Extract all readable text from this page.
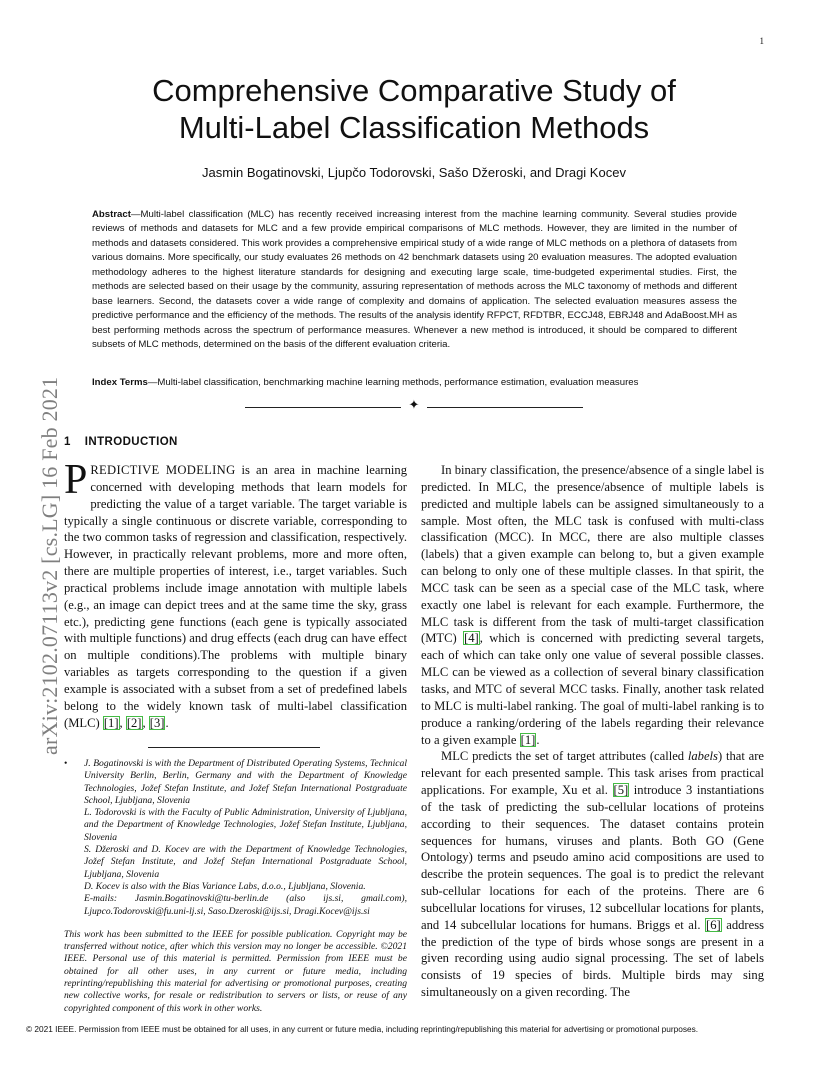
1
arXiv:2102.07113v2 [cs.LG] 16 Feb 2021
Comprehensive Comparative Study of
Multi-Label Classification Methods
Jasmin Bogatinovski, Ljupčo Todorovski, Sašo Džeroski, and Dragi Kocev
Abstract—Multi-label classification (MLC) has recently received increasing interest from the machine learning community. Several studies provide reviews of methods and datasets for MLC and a few provide empirical comparisons of MLC methods. However, they are limited in the number of methods and datasets considered. This work provides a comprehensive empirical study of a wide range of MLC methods on a plethora of datasets from various domains. More specifically, our study evaluates 26 methods on 42 benchmark datasets using 20 evaluation measures. The adopted evaluation methodology adheres to the highest literature standards for designing and executing large scale, time-budgeted experimental studies. First, the methods are selected based on their usage by the community, assuring representation of methods across the MLC taxonomy of methods and different base learners. Second, the datasets cover a wide range of complexity and domains of application. The selected evaluation measures assess the predictive performance and the efficiency of the methods. The results of the analysis identify RFPCT, RFDTBR, ECCJ48, EBRJ48 and AdaBoost.MH as best performing methods across the spectrum of performance measures. Whenever a new method is introduced, it should be compared to different subsets of MLC methods, determined on the basis of the different evaluation criteria.
Index Terms—Multi-label classification, benchmarking machine learning methods, performance estimation, evaluation measures
✦
1 INTRODUCTION

PREDICTIVE MODELING is an area in machine learning concerned with developing methods that learn models for predicting the value of a target variable. The target variable is typically a single continuous or discrete variable, corresponding to the two common tasks of regression and classification, respectively. However, in practically relevant problems, more and more often, there are multiple properties of interest, i.e., target variables. Such practical problems include image annotation with multiple labels (e.g., an image can depict trees and at the same time the sky, grass etc.), predicting gene functions (each gene is typically associated with multiple functions) and drug effects (each drug can have effect on multiple conditions).The problems with multiple binary variables as targets corresponding to the question if a given example is associated with a subset from a set of predefined labels belong to the widely known task of multi-label classification (MLC) [1], [2], [3].

• J. Bogatinovski is with the Department of Distributed Operating Systems, Technical University Berlin, Berlin, Germany and with the Department of Knowledge Technologies, Jožef Stefan Institute, and Jožef Stefan International Postgraduate School, Ljubljana, Slovenia

L. Todorovski is with the Faculty of Public Administration, University of Ljubljana, and the Department of Knowledge Technologies, Jožef Stefan Institute, Ljubljana, Slovenia

S. Džeroski and D. Kocev are with the Department of Knowledge Technologies, Jožef Stefan Institute, and Jožef Stefan International Postgraduate School, Ljubljana, Slovenia

D. Kocev is also with the Bias Variance Labs, d.o.o., Ljubljana, Slovenia.

E-mails: Jasmin.Bogatinovski@tu-berlin.de (also ijs.si, gmail.com), Ljupco.Todorovski@fu.uni-lj.si, Saso.Dzeroski@ijs.si, Dragi.Kocev@ijs.si

This work has been submitted to the IEEE for possible publication. Copyright may be transferred without notice, after which this version may no longer be accessible. ©2021 IEEE. Personal use of this material is permitted. Permission from IEEE must be obtained for all other uses, in any current or future media, including reprinting/republishing this material for advertising or promotional purposes, creating new collective works, for resale or redistribution to servers or lists, or reuse of any copyrighted component of this work in other works.

In binary classification, the presence/absence of a single label is predicted. In MLC, the presence/absence of multiple labels is predicted and multiple labels can be assigned simultaneously to a sample. Most often, the MLC task is confused with multi-class classification (MCC). In MCC, there are also multiple classes (labels) that a given example can belong to, but a given example can belong to only one of these multiple classes. In that spirit, the MCC task can be seen as a special case of the MLC task, where exactly one label is relevant for each example. Furthermore, the MLC task is different from the task of multi-target classification (MTC) [4], which is concerned with predicting several targets, each of which can take only one value of several possible classes. MLC can be viewed as a collection of several binary classification tasks, and MTC of several MCC tasks. Finally, another task related to MLC is multi-label ranking. The goal of multi-label ranking is to produce a ranking/ordering of the labels regarding their relevance to a given example [1].

MLC predicts the set of target attributes (called labels) that are relevant for each presented sample. This task arises from practical applications. For example, Xu et al. [5] introduce 3 instantiations of the task of predicting the sub-cellular locations of proteins according to their sequences. The dataset contains protein sequences for humans, viruses and plants. Both GO (Gene Ontology) terms and pseudo amino acid compositions are used to describe the protein sequences. The goal is to predict the relevant sub-cellular locations for each of the proteins. There are 6 subcellular locations for viruses, 12 subcellular locations for plants, and 14 subcellular locations for humans. Briggs et al. [6] address the prediction of the type of birds whose songs are present in a given recording using audio signal processing. The set of labels consists of 19 species of birds. Multiple birds may sing simultaneously on a given recording. The

© 2021 IEEE. Permission from IEEE must be obtained for all uses, in any current or future media, including reprinting/republishing this material for advertising or promotional purposes.
